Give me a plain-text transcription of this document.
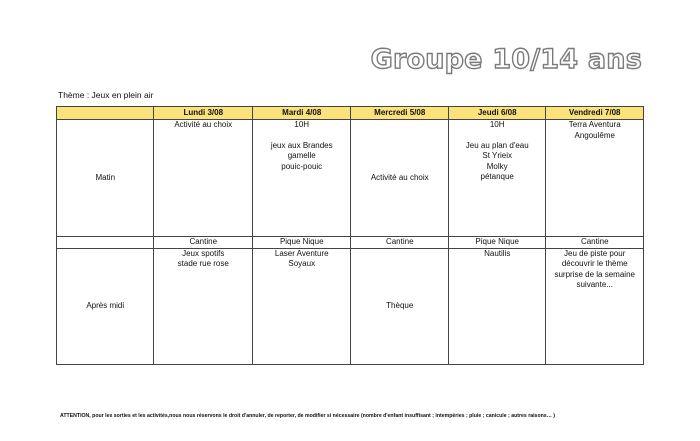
Groupe 10/14 ans
Thème : Jeux en plein air
	Lundi 3/08	Mardi 4/08	Mercredi 5/08	Jeudi 6/08	Vendredi 7/08
Matin	Activité au choix	10H
jeux aux Brandes
gamelle
pouic-pouic	Activité au choix	10H
Jeu au plan d'eau
St Yrieix
Molky
pétanque	Terra Aventura
Angoulême

	Cantine	Pique Nique	Cantine	Pique Nique	Cantine
Après midi	Jeux spotifs
stade rue rose	Laser Aventure
Soyaux	Thèque	Nautilis	Jeu de piste pour
découvrir le thème
surprise de la semaine
suivante...
ATTENTION, pour les sorties et les activités,nous nous réservons le droit d'annuler, de reporter, de modifier si nécessaire (nombre d'enfant insuffisant ; intempéries ; pluie ; canicule ; autres raisons… )
